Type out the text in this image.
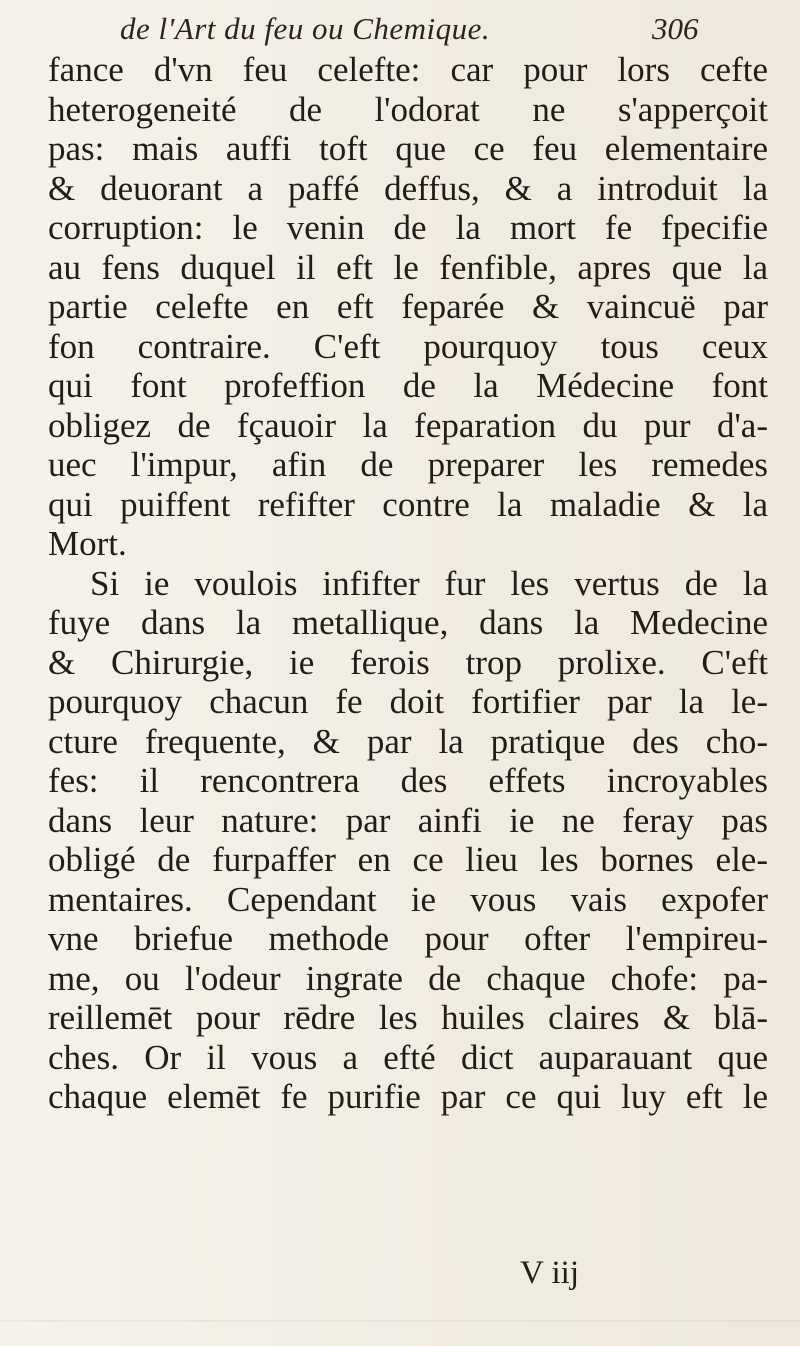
de l'Art du feu ou Chemique.	306
fance d'vn feu celefte: car pour lors cefte
heterogeneité de l'odorat ne s'apperçoit
pas: mais auffi toft que ce feu elementaire
& deuorant a paffé deffus, & a introduit la
corruption: le venin de la mort fe fpecifie
au fens duquel il eft le fenfible, apres que la
partie celefte en eft feparée & vaincuë par
fon contraire. C'eft pourquoy tous ceux
qui font profeffion de la Médecine font
obligez de fçauoir la feparation du pur d'a-
uec l'impur, afin de preparer les remedes
qui puiffent refifter contre la maladie & la
Mort.
Si ie voulois infifter fur les vertus de la
fuye dans la metallique, dans la Medecine
& Chirurgie, ie ferois trop prolixe. C'eft
pourquoy chacun fe doit fortifier par la le-
cture frequente, & par la pratique des cho-
fes: il rencontrera des effets incroyables
dans leur nature: par ainfi ie ne feray pas
obligé de furpaffer en ce lieu les bornes ele-
mentaires. Cependant ie vous vais expofer
vne briefue methode pour ofter l'empireu-
me, ou l'odeur ingrate de chaque chofe: pa-
reillemēt pour rēdre les huiles claires & blā-
ches. Or il vous a efté dict auparauant que
chaque elemēt fe purifie par ce qui luy eft le
V iij
